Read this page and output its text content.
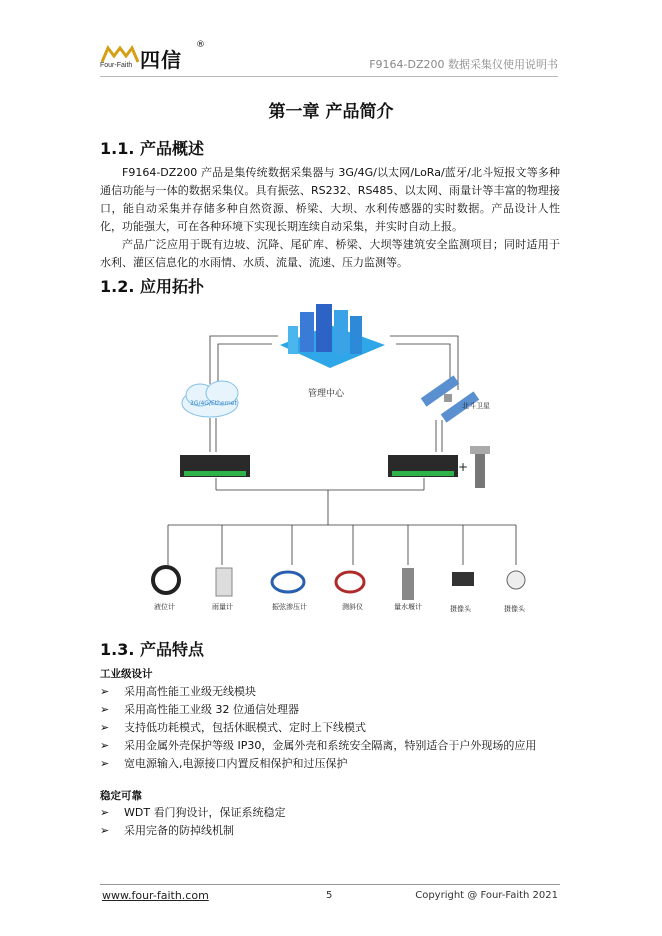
Four-Faith 四信
®
F9164-DZ200 数据采集仪使用说明书
第一章 产品简介
1.1. 产品概述
F9164-DZ200 产品是集传统数据采集器与 3G/4G/以太网/LoRa/蓝牙/北斗短报文等多种通信功能与一体的数据采集仪。具有振弦、RS232、RS485、以太网、雨量计等丰富的物理接口，能自动采集并存储多种自然资源、桥梁、大坝、水利传感器的实时数据。产品设计人性化，功能强大，可在各种环境下实现长期连续自动采集，并实时自动上报。
产品广泛应用于既有边坡、沉降、尾矿库、桥梁、大坝等建筑安全监测项目；同时适用于水利、灌区信息化的水雨情、水质、流量、流速、压力监测等。
1.2. 应用拓扑
管理中心
3G/4G/Ethernet	北斗卫星
+
液位计	雨量计	振弦渗压计	测斜仪	量水堰计	摄像头	摄像头
1.3. 产品特点
工业级设计
➢	采用高性能工业级无线模块
➢	采用高性能工业级 32 位通信处理器
➢	支持低功耗模式，包括休眠模式、定时上下线模式
➢	采用金属外壳保护等级 IP30，金属外壳和系统安全隔离，特别适合于户外现场的应用
➢	宽电源输入,电源接口内置反相保护和过压保护
稳定可靠
➢	WDT 看门狗设计，保证系统稳定
➢	采用完备的防掉线机制
www.four-faith.com	5	Copyright @ Four-Faith 2021
